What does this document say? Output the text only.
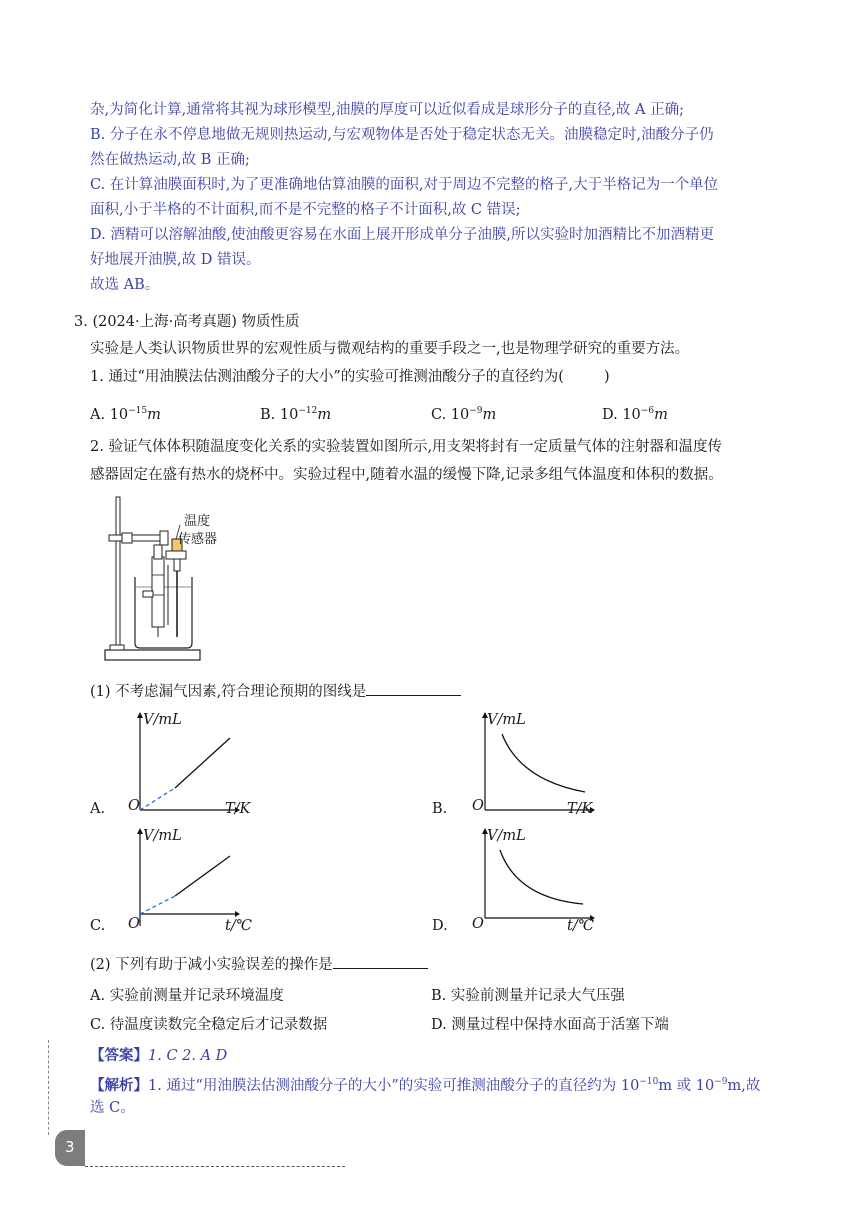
杂,为简化计算,通常将其视为球形模型,油膜的厚度可以近似看成是球形分子的直径,故 A 正确;
B. 分子在永不停息地做无规则热运动,与宏观物体是否处于稳定状态无关。油膜稳定时,油酸分子仍
然在做热运动,故 B 正确;
C. 在计算油膜面积时,为了更准确地估算油膜的面积,对于周边不完整的格子,大于半格记为一个单位
面积,小于半格的不计面积,而不是不完整的格子不计面积,故 C 错误;
D. 酒精可以溶解油酸,使油酸更容易在水面上展开形成单分子油膜,所以实验时加酒精比不加酒精更
好地展开油膜,故 D 错误。
故选 AB。
3. (2024·上海·高考真题) 物质性质
实验是人类认识物质世界的宏观性质与微观结构的重要手段之一,也是物理学研究的重要方法。
1. 通过“用油膜法估测油酸分子的大小”的实验可推测油酸分子的直径约为(	)
A. $10^{-15}m$	B. $10^{-12}m$	C. $10^{-9}m$	D. $10^{-6}m$
2. 验证气体体积随温度变化关系的实验装置如图所示,用支架将封有一定质量气体的注射器和温度传
感器固定在盛有热水的烧杯中。实验过程中,随着水温的缓慢下降,记录多组气体温度和体积的数据。
温度
传感器
(1) 不考虑漏气因素,符合理论预期的图线是
A.
V/mL
O	T/K	B.
V/mL
O	T/K
C.
V/mL
O	t/℃	D.
V/mL
O	t/℃
(2) 下列有助于减小实验误差的操作是
A. 实验前测量并记录环境温度	B. 实验前测量并记录大气压强
C. 待温度读数完全稳定后才记录数据	D. 测量过程中保持水面高于活塞下端
【答案】1. C 2. A D
【解析】1. 通过“用油膜法估测油酸分子的大小”的实验可推测油酸分子的直径约为 $10^{-10}m$ 或 $10^{-9}m$,故
选 C。
3
